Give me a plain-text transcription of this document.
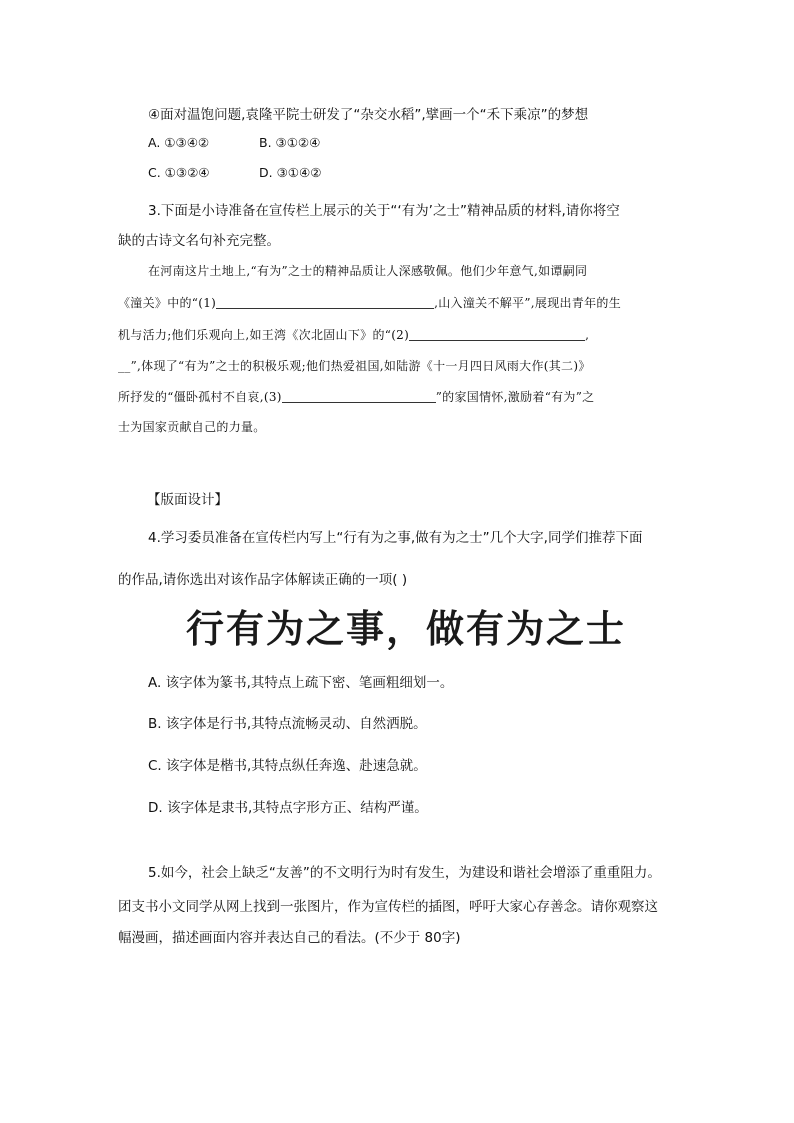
④面对温饱问题,袁隆平院士研发了“杂交水稻”,擘画一个“禾下乘凉”的梦想
A. ①③④②	B. ③①②④
C. ①③②④	D. ③①④②
3.下面是小诗准备在宣传栏上展示的关于“‘有为’之士”精神品质的材料,请你将空
缺的古诗文名句补充完整。
在河南这片土地上,“有为”之士的精神品质让人深感敬佩。他们少年意气,如谭嗣同
《潼关》中的“(1)	,山入潼关不解平”,展现出青年的生
机与活力;他们乐观向上,如王湾《次北固山下》的“(2)	,
__”,体现了“有为”之士的积极乐观;他们热爱祖国,如陆游《十一月四日风雨大作(其二)》
所抒发的“僵卧孤村不自哀,(3)	”的家国情怀,激励着“有为”之
士为国家贡献自己的力量。
【版面设计】
4.学习委员准备在宣传栏内写上“行有为之事,做有为之士”几个大字,同学们推荐下面
的作品,请你选出对该作品字体解读正确的一项( )
行有为之事，做有为之士
A. 该字体为篆书,其特点上疏下密、笔画粗细划一。
B. 该字体是行书,其特点流畅灵动、自然洒脱。
C. 该字体是楷书,其特点纵任奔逸、赴速急就。
D. 该字体是隶书,其特点字形方正、结构严谨。
5.如今，社会上缺乏“友善”的不文明行为时有发生，为建设和谐社会增添了重重阻力。
团支书小文同学从网上找到一张图片，作为宣传栏的插图，呼吁大家心存善念。请你观察这
幅漫画，描述画面内容并表达自己的看法。(不少于 80字)
